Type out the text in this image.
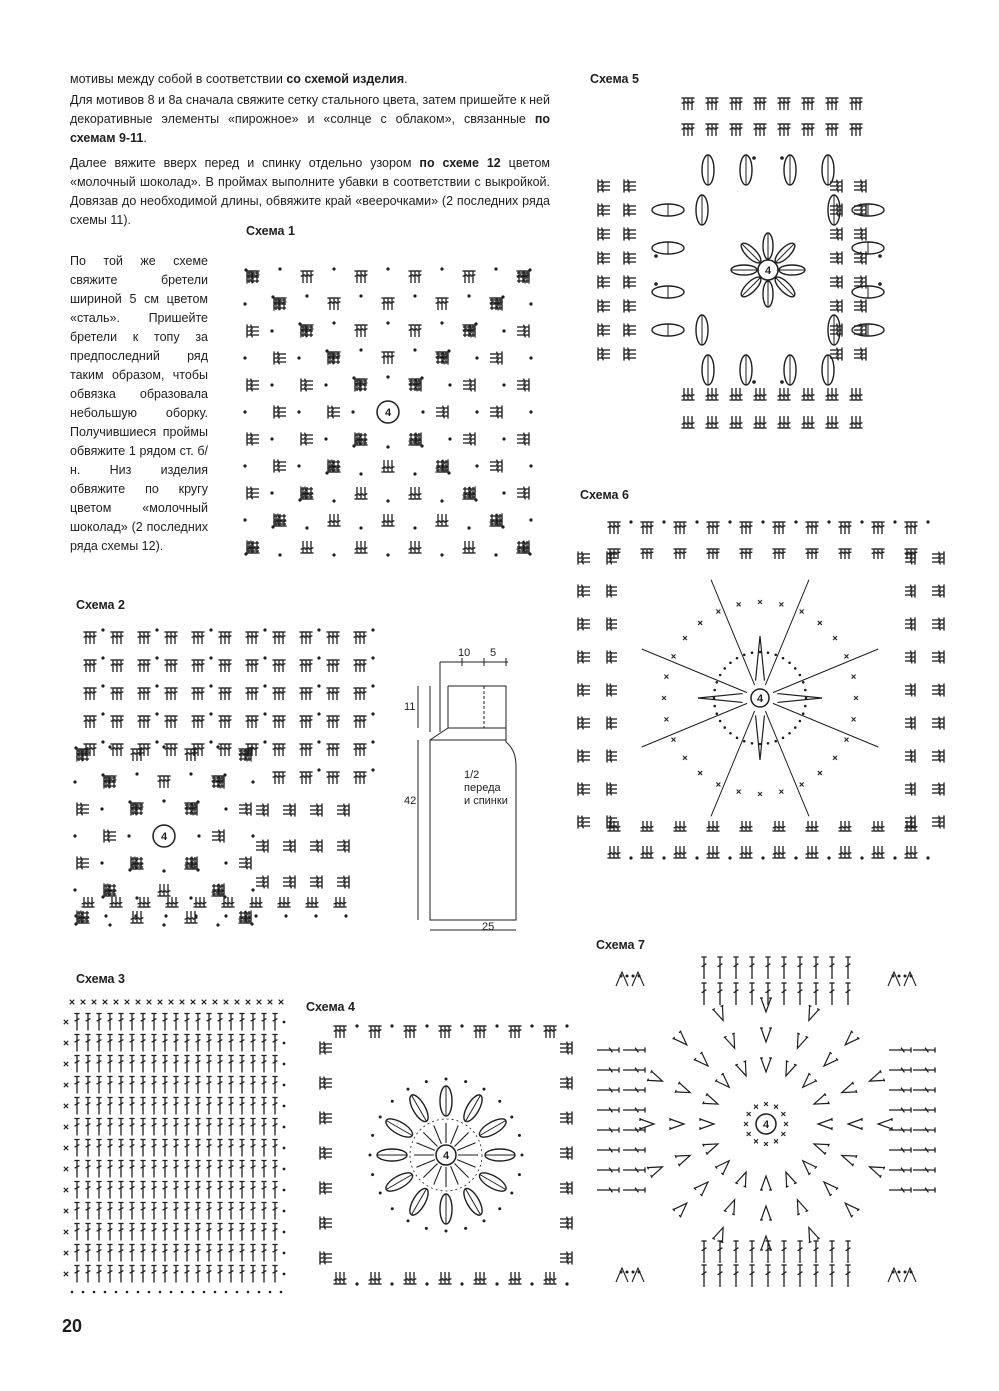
мотивы между собой в соответствии со схемой изделия.

Для мотивов 8 и 8а сначала свяжите сетку стального цвета, затем пришейте к ней декоративные элементы «пирожное» и «солнце с облаком», связанные по схемам 9-11.

Далее вяжите вверх перед и спинку отдельно узором по схеме 12 цветом «молочный шоколад». В проймах выполните убавки в соответствии с выкройкой. Довязав до необходимой длины, обвяжите край «веерочками» (2 последних ряда схемы 11).

По той же схеме свяжите бретели шириной 5 см цветом «сталь». Пришейте бретели к топу за предпоследний ряд таким образом, чтобы обвязка образовала небольшую оборку. Получившиеся проймы обвяжите 1 рядом ст. б/н. Низ изделия обвяжите по кругу цветом «молочный шоколад» (2 последних ряда схемы 12).

Схема 1
Схема 2
Схема 3
Схема 4
Схема 5
Схема 6
Схема 7
4
4
4
4
4
4
10 5
11
42
25
1/2
переда
и спинки
20
